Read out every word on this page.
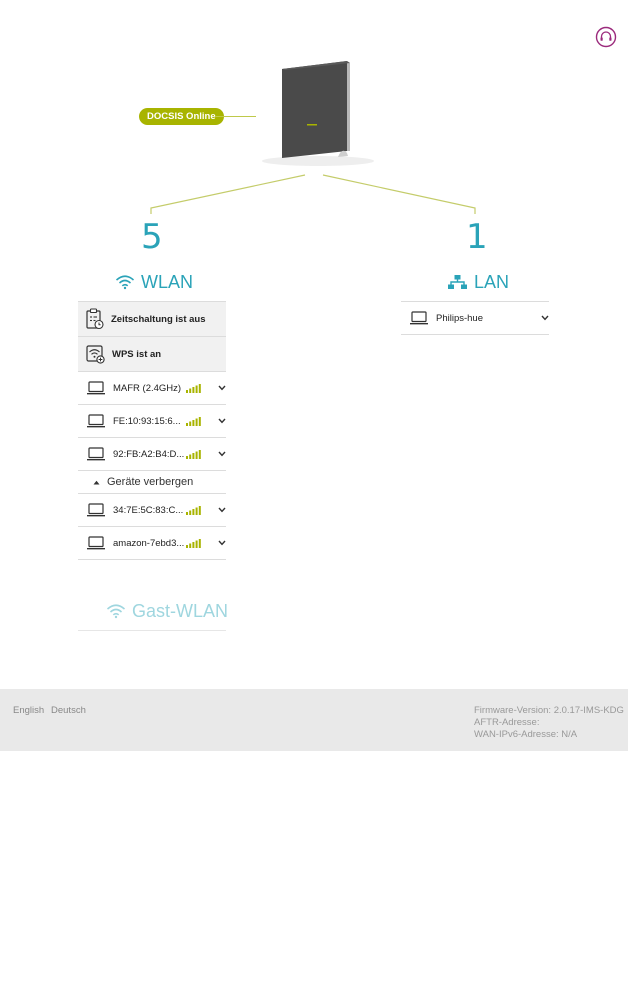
DOCSIS Online
5	1
WLAN	LAN
Zeitschaltung ist aus
WPS ist an
MAFR (2.4GHz)
FE:10:93:15:6...
92:FB:A2:B4:D...
Geräte verbergen
34:7E:5C:83:C...
amazon-7ebd3...
Philips-hue
Gast-WLAN
English Deutsch	Firmware-Version: 2.0.17-IMS-KDG
AFTR-Adresse:
WAN-IPv6-Adresse: N/A
